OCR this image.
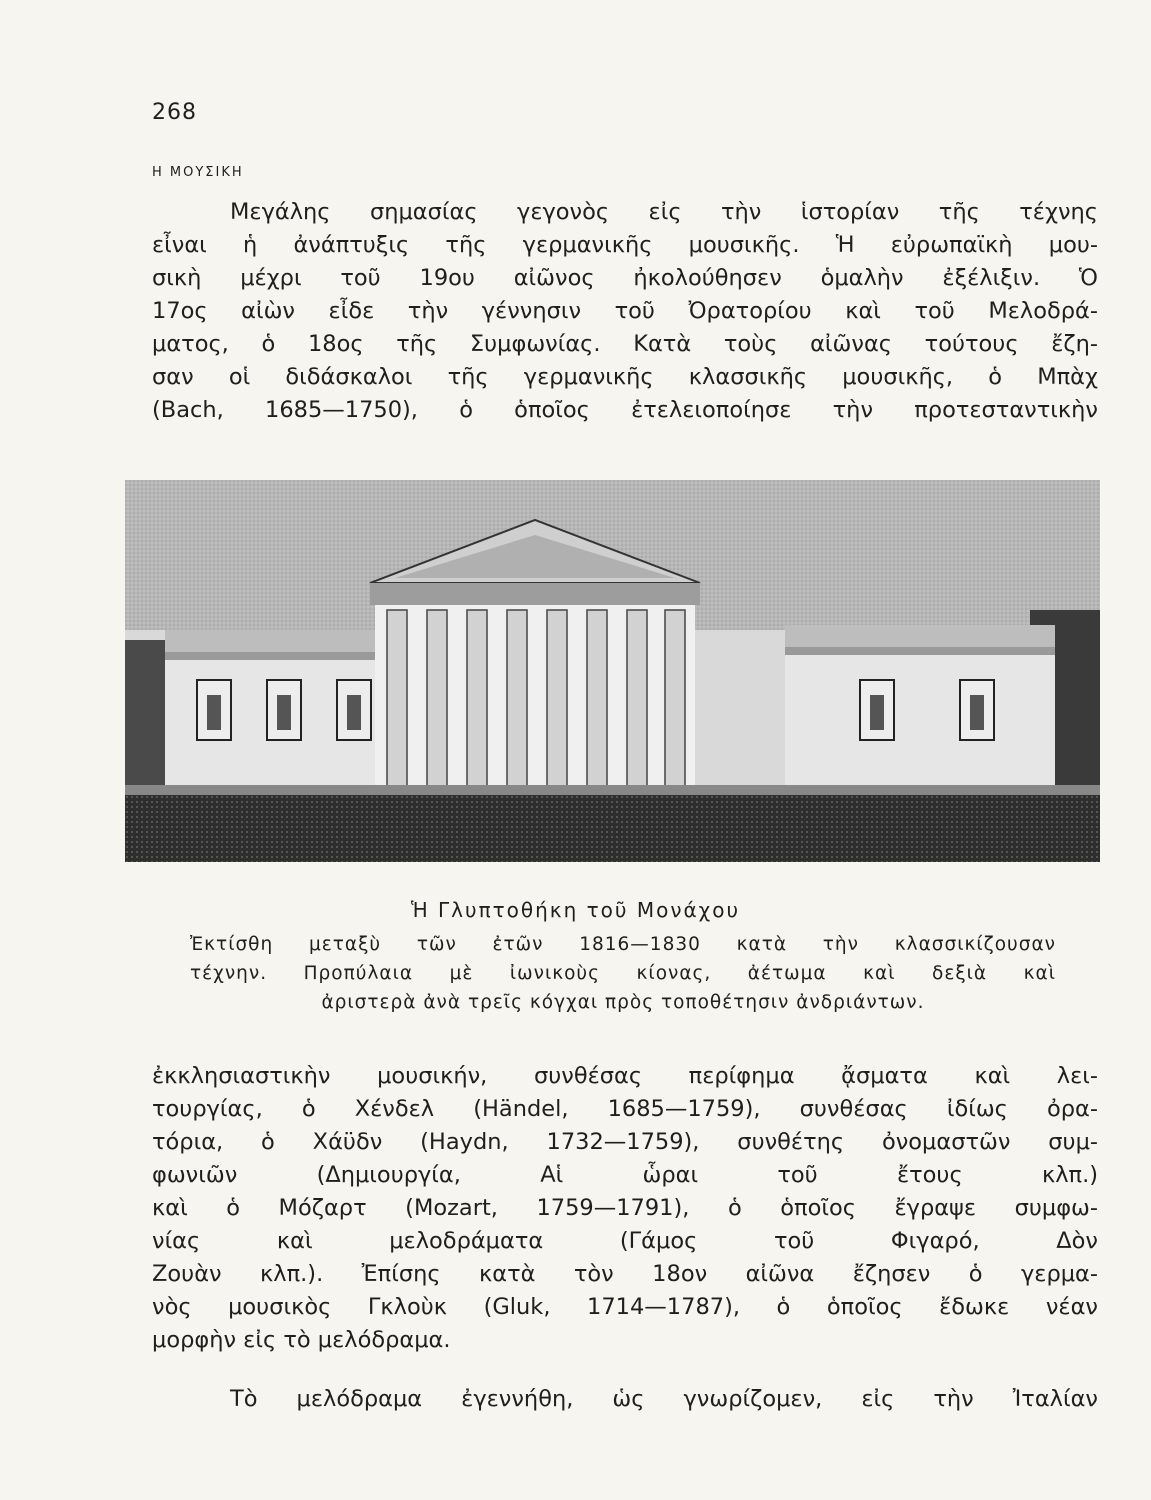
268
Η ΜΟΥΣΙΚΗ
Μεγάλης σημασίας γεγονὸς εἰς τὴν ἱστορίαν τῆς τέχνης
εἶναι ἡ ἀνάπτυξις τῆς γερμανικῆς μουσικῆς. Ἡ εὐρωπαϊκὴ μου-
σικὴ μέχρι τοῦ 19ου αἰῶνος ἠκολούθησεν ὁμαλὴν ἐξέλιξιν. Ὁ
17ος αἰὼν εἶδε τὴν γέννησιν τοῦ Ὀρατορίου καὶ τοῦ Μελοδρά-
ματος, ὁ 18ος τῆς Συμφωνίας. Κατὰ τοὺς αἰῶνας τούτους ἔζη-
σαν οἱ διδάσκαλοι τῆς γερμανικῆς κλασσικῆς μουσικῆς, ὁ Μπὰχ
(Bach, 1685—1750), ὁ ὁποῖος ἐτελειοποίησε τὴν προτεσταντικὴν
Ἡ Γλυπτοθήκη τοῦ Μονάχου
Ἐκτίσθη μεταξὺ τῶν ἐτῶν 1816—1830 κατὰ τὴν κλασσικίζουσαν
τέχνην. Προπύλαια μὲ ἰωνικοὺς κίονας, ἀέτωμα καὶ δεξιὰ καὶ
ἀριστερὰ ἀνὰ τρεῖς κόγχαι πρὸς τοποθέτησιν ἀνδριάντων.
ἐκκλησιαστικὴν μουσικήν, συνθέσας περίφημα ᾄσματα καὶ λει-
τουργίας, ὁ Χένδελ (Händel, 1685—1759), συνθέσας ἰδίως ὀρα-
τόρια, ὁ Χάϋδν (Haydn, 1732—1759), συνθέτης ὀνομαστῶν συμ-
φωνιῶν (Δημιουργία, Αἱ ὧραι τοῦ ἔτους κλπ.)
καὶ ὁ Μόζαρτ (Mozart, 1759—1791), ὁ ὁποῖος ἔγραψε συμφω-
νίας καὶ μελοδράματα (Γάμος τοῦ Φιγαρό, Δὸν
Ζουὰν κλπ.). Ἐπίσης κατὰ τὸν 18ον αἰῶνα ἔζησεν ὁ γερμα-
νὸς μουσικὸς Γκλοὺκ (Gluk, 1714—1787), ὁ ὁποῖος ἔδωκε νέαν
μορφὴν εἰς τὸ μελόδραμα.
Τὸ μελόδραμα ἐγεννήθη, ὡς γνωρίζομεν, εἰς τὴν Ἰταλίαν
